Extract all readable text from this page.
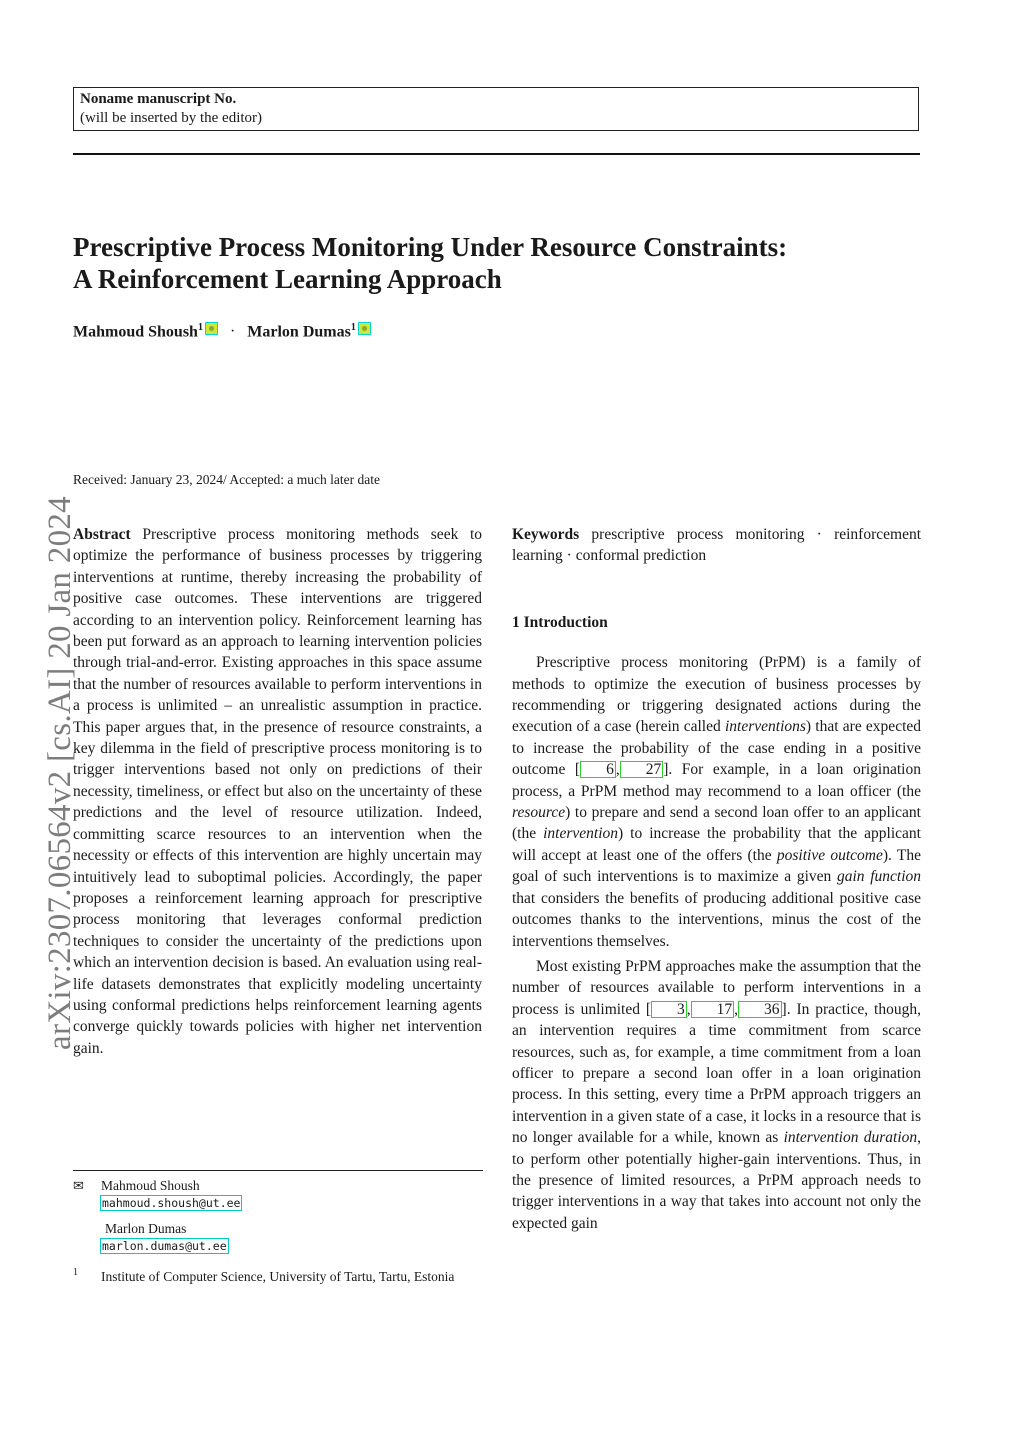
Noname manuscript No.
(will be inserted by the editor)
Prescriptive Process Monitoring Under Resource Constraints:
A Reinforcement Learning Approach
Mahmoud Shoush$^1$ · Marlon Dumas$^1$
arXiv:2307.06564v2 [cs.AI] 20 Jan 2024
Received: January 23, 2024/ Accepted: a much later date

Abstract Prescriptive process monitoring methods seek to optimize the performance of business processes by triggering interventions at runtime, thereby increasing the probability of positive case outcomes. These interventions are triggered according to an intervention policy. Reinforcement learning has been put forward as an approach to learning intervention policies through trial-and-error. Existing approaches in this space assume that the number of resources available to perform interventions in a process is unlimited – an unrealistic assumption in practice. This paper argues that, in the presence of resource constraints, a key dilemma in the field of prescriptive process monitoring is to trigger interventions based not only on predictions of their necessity, timeliness, or effect but also on the uncertainty of these predictions and the level of resource utilization. Indeed, committing scarce resources to an intervention when the necessity or effects of this intervention are highly uncertain may intuitively lead to suboptimal policies. Accordingly, the paper proposes a reinforcement learning approach for prescriptive process monitoring that leverages conformal prediction techniques to consider the uncertainty of the predictions upon which an intervention decision is based. An evaluation using real-life datasets demonstrates that explicitly modeling uncertainty using conformal predictions helps reinforcement learning agents converge quickly towards policies with higher net intervention gain.

Keywords prescriptive process monitoring · reinforcement learning · conformal prediction

1 Introduction

Prescriptive process monitoring (PrPM) is a family of methods to optimize the execution of business processes by recommending or triggering designated actions during the execution of a case (herein called interventions) that are expected to increase the probability of the case ending in a positive outcome [ 6 , 27 ]. For example, in a loan origination process, a PrPM method may recommend to a loan officer (the resource) to prepare and send a second loan offer to an applicant (the intervention) to increase the probability that the applicant will accept at least one of the offers (the positive outcome). The goal of such interventions is to maximize a given gain function that considers the benefits of producing additional positive case outcomes thanks to the interventions, minus the cost of the interventions themselves.

Most existing PrPM approaches make the assumption that the number of resources available to perform interventions in a process is unlimited [ 3 , 17 , 36 ]. In practice, though, an intervention requires a time commitment from scarce resources, such as, for example, a time commitment from a loan officer to prepare a second loan offer in a loan origination process. In this setting, every time a PrPM approach triggers an intervention in a given state of a case, it locks in a resource that is no longer available for a while, known as intervention duration, to perform other potentially higher-gain interventions. Thus, in the presence of limited resources, a PrPM approach needs to trigger interventions in a way that takes into account not only the expected gain

✉ Mahmoud Shoush
mahmoud.shoush@ut.ee
Marlon Dumas
marlon.dumas@ut.ee
1 Institute of Computer Science, University of Tartu, Tartu, Estonia
